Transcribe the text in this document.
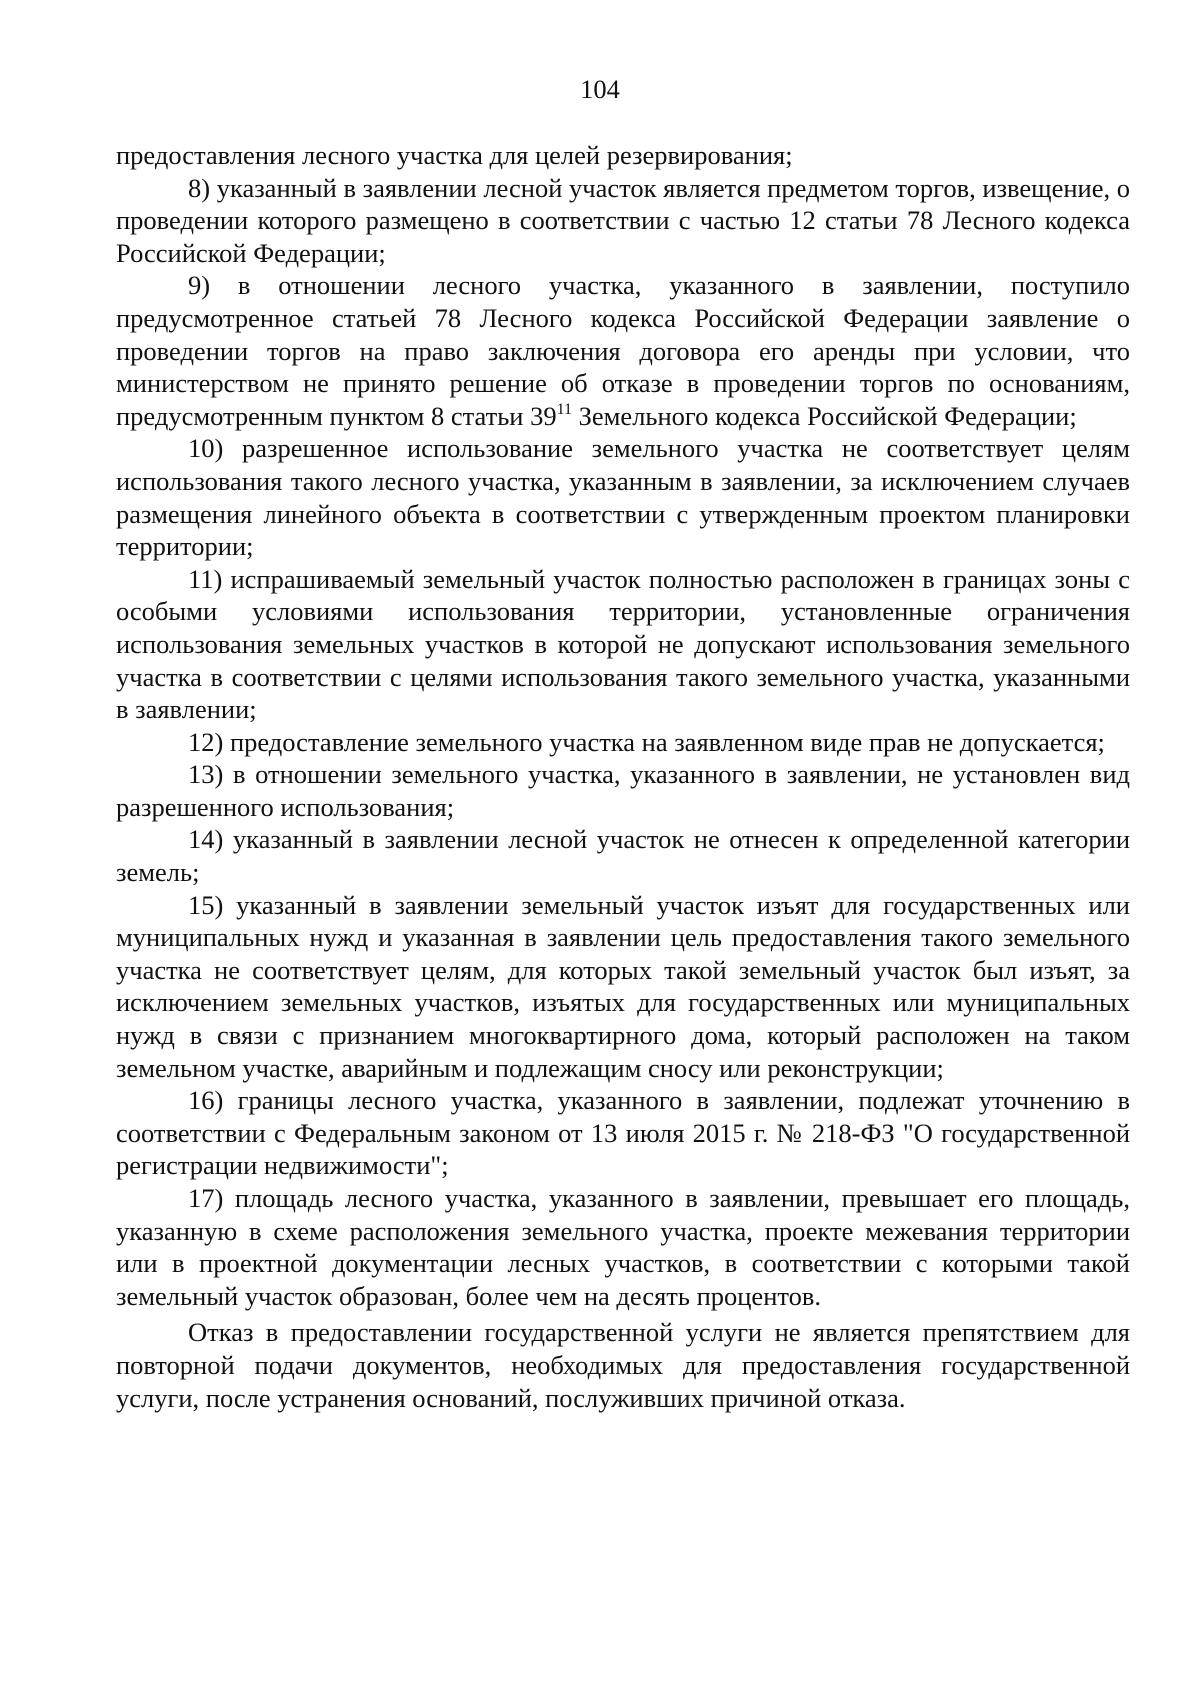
104

предоставления лесного участка для целей резервирования;

8) указанный в заявлении лесной участок является предметом торгов, извещение, о проведении которого размещено в соответствии с частью 12 статьи 78 Лесного кодекса Российской Федерации;

9) в отношении лесного участка, указанного в заявлении, поступило предусмотренное статьей 78 Лесного кодекса Российской Федерации заявление о проведении торгов на право заключения договора его аренды при условии, что министерством не принято решение об отказе в проведении торгов по основаниям, предусмотренным пунктом 8 статьи $39^{11}$ Земельного кодекса Российской Федерации;

10) разрешенное использование земельного участка не соответствует целям использования такого лесного участка, указанным в заявлении, за исключением случаев размещения линейного объекта в соответствии с утвержденным проектом планировки территории;

11) испрашиваемый земельный участок полностью расположен в границах зоны с особыми условиями использования территории, установленные ограничения использования земельных участков в которой не допускают использования земельного участка в соответствии с целями использования такого земельного участка, указанными в заявлении;

12) предоставление земельного участка на заявленном виде прав не допускается;

13) в отношении земельного участка, указанного в заявлении, не установлен вид разрешенного использования;

14) указанный в заявлении лесной участок не отнесен к определенной категории земель;

15) указанный в заявлении земельный участок изъят для государственных или муниципальных нужд и указанная в заявлении цель предоставления такого земельного участка не соответствует целям, для которых такой земельный участок был изъят, за исключением земельных участков, изъятых для государственных или муниципальных нужд в связи с признанием многоквартирного дома, который расположен на таком земельном участке, аварийным и подлежащим сносу или реконструкции;

16) границы лесного участка, указанного в заявлении, подлежат уточнению в соответствии с Федеральным законом от 13 июля 2015 г. № 218-ФЗ "О государственной регистрации недвижимости";

17) площадь лесного участка, указанного в заявлении, превышает его площадь, указанную в схеме расположения земельного участка, проекте межевания территории или в проектной документации лесных участков, в соответствии с которыми такой земельный участок образован, более чем на десять процентов.

Отказ в предоставлении государственной услуги не является препятствием для повторной подачи документов, необходимых для предоставления государственной услуги, после устранения оснований, послуживших причиной отказа.
